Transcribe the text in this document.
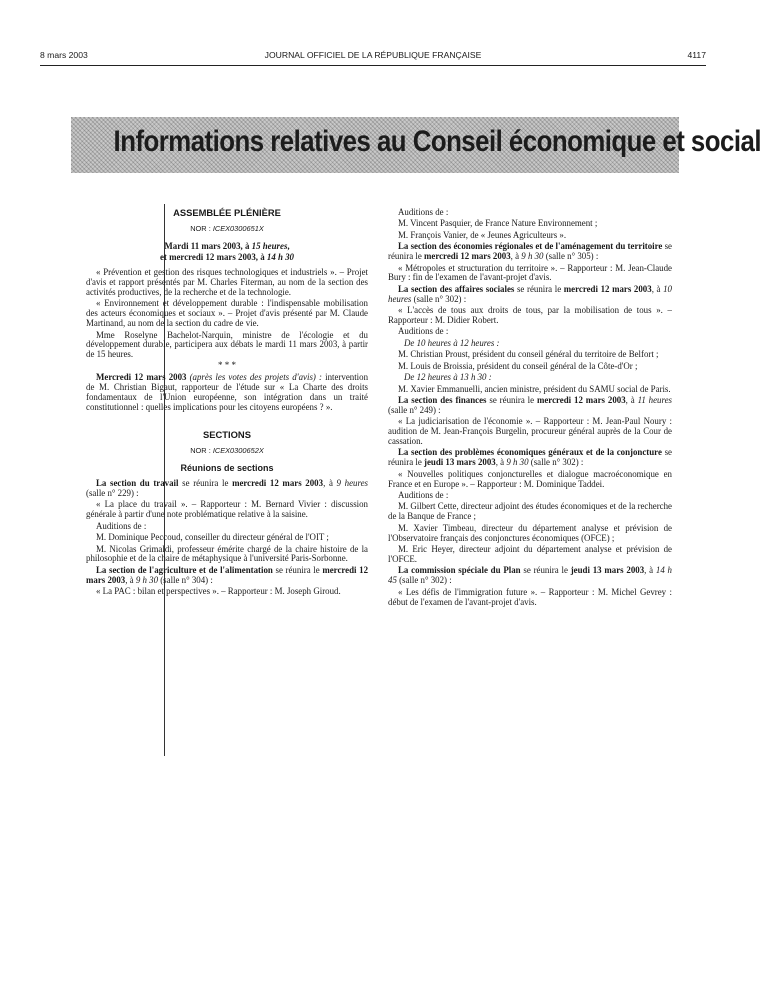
8 mars 2003	JOURNAL OFFICIEL DE LA RÉPUBLIQUE FRANÇAISE	4117
Informations relatives au Conseil économique et social

ASSEMBLÉE PLÉNIÈRE

NOR : ICEX0300651X

Mardi 11 mars 2003, à 15 heures,

et mercredi 12 mars 2003, à 14 h 30

« Prévention et gestion des risques technologiques et industriels ». – Projet d'avis et rapport présentés par M. Charles Fiterman, au nom de la section des activités productives, de la recherche et de la technologie.

« Environnement et développement durable : l'indispensable mobilisation des acteurs économiques et sociaux ». – Projet d'avis présenté par M. Claude Martinand, au nom de la section du cadre de vie.

Mme Roselyne Bachelot-Narquin, ministre de l'écologie et du développement durable, participera aux débats le mardi 11 mars 2003, à partir de 15 heures.

* * *

Mercredi 12 mars 2003 (après les votes des projets d'avis) : intervention de M. Christian Bigaut, rapporteur de l'étude sur « La Charte des droits fondamentaux de l'Union européenne, son intégration dans un traité constitutionnel : quelles implications pour les citoyens européens ? ».

SECTIONS

NOR : ICEX0300652X

Réunions de sections

La section du travail se réunira le mercredi 12 mars 2003, à 9 heures (salle n° 229) :

« La place du travail ». – Rapporteur : M. Bernard Vivier : discussion générale à partir d'une note problématique relative à la saisine.

Auditions de :

M. Dominique Peccoud, conseiller du directeur général de l'OIT ;

M. Nicolas Grimaldi, professeur émérite chargé de la chaire histoire de la philosophie et de la chaire de métaphysique à l'université Paris-Sorbonne.

La section de l'agriculture et de l'alimentation se réunira le mercredi 12 mars 2003, à 9 h 30 (salle n° 304) :

« La PAC : bilan et perspectives ». – Rapporteur : M. Joseph Giroud.

Auditions de :

M. Vincent Pasquier, de France Nature Environnement ;

M. François Vanier, de « Jeunes Agriculteurs ».

La section des économies régionales et de l'aménagement du territoire se réunira le mercredi 12 mars 2003, à 9 h 30 (salle n° 305) :

« Métropoles et structuration du territoire ». – Rapporteur : M. Jean-Claude Bury : fin de l'examen de l'avant-projet d'avis.

La section des affaires sociales se réunira le mercredi 12 mars 2003, à 10 heures (salle n° 302) :

« L'accès de tous aux droits de tous, par la mobilisation de tous ». – Rapporteur : M. Didier Robert.

Auditions de :

De 10 heures à 12 heures :

M. Christian Proust, président du conseil général du territoire de Belfort ;

M. Louis de Broissia, président du conseil général de la Côte-d'Or ;

De 12 heures à 13 h 30 :

M. Xavier Emmanuelli, ancien ministre, président du SAMU social de Paris.

La section des finances se réunira le mercredi 12 mars 2003, à 11 heures (salle n° 249) :

« La judiciarisation de l'économie ». – Rapporteur : M. Jean-Paul Noury : audition de M. Jean-François Burgelin, procureur général auprès de la Cour de cassation.

La section des problèmes économiques généraux et de la conjoncture se réunira le jeudi 13 mars 2003, à 9 h 30 (salle n° 302) :

« Nouvelles politiques conjoncturelles et dialogue macroéconomique en France et en Europe ». – Rapporteur : M. Dominique Taddei.

Auditions de :

M. Gilbert Cette, directeur adjoint des études économiques et de la recherche de la Banque de France ;

M. Xavier Timbeau, directeur du département analyse et prévision de l'Observatoire français des conjonctures économiques (OFCE) ;

M. Eric Heyer, directeur adjoint du département analyse et prévision de l'OFCE.

La commission spéciale du Plan se réunira le jeudi 13 mars 2003, à 14 h 45 (salle n° 302) :

« Les défis de l'immigration future ». – Rapporteur : M. Michel Gevrey : début de l'examen de l'avant-projet d'avis.
